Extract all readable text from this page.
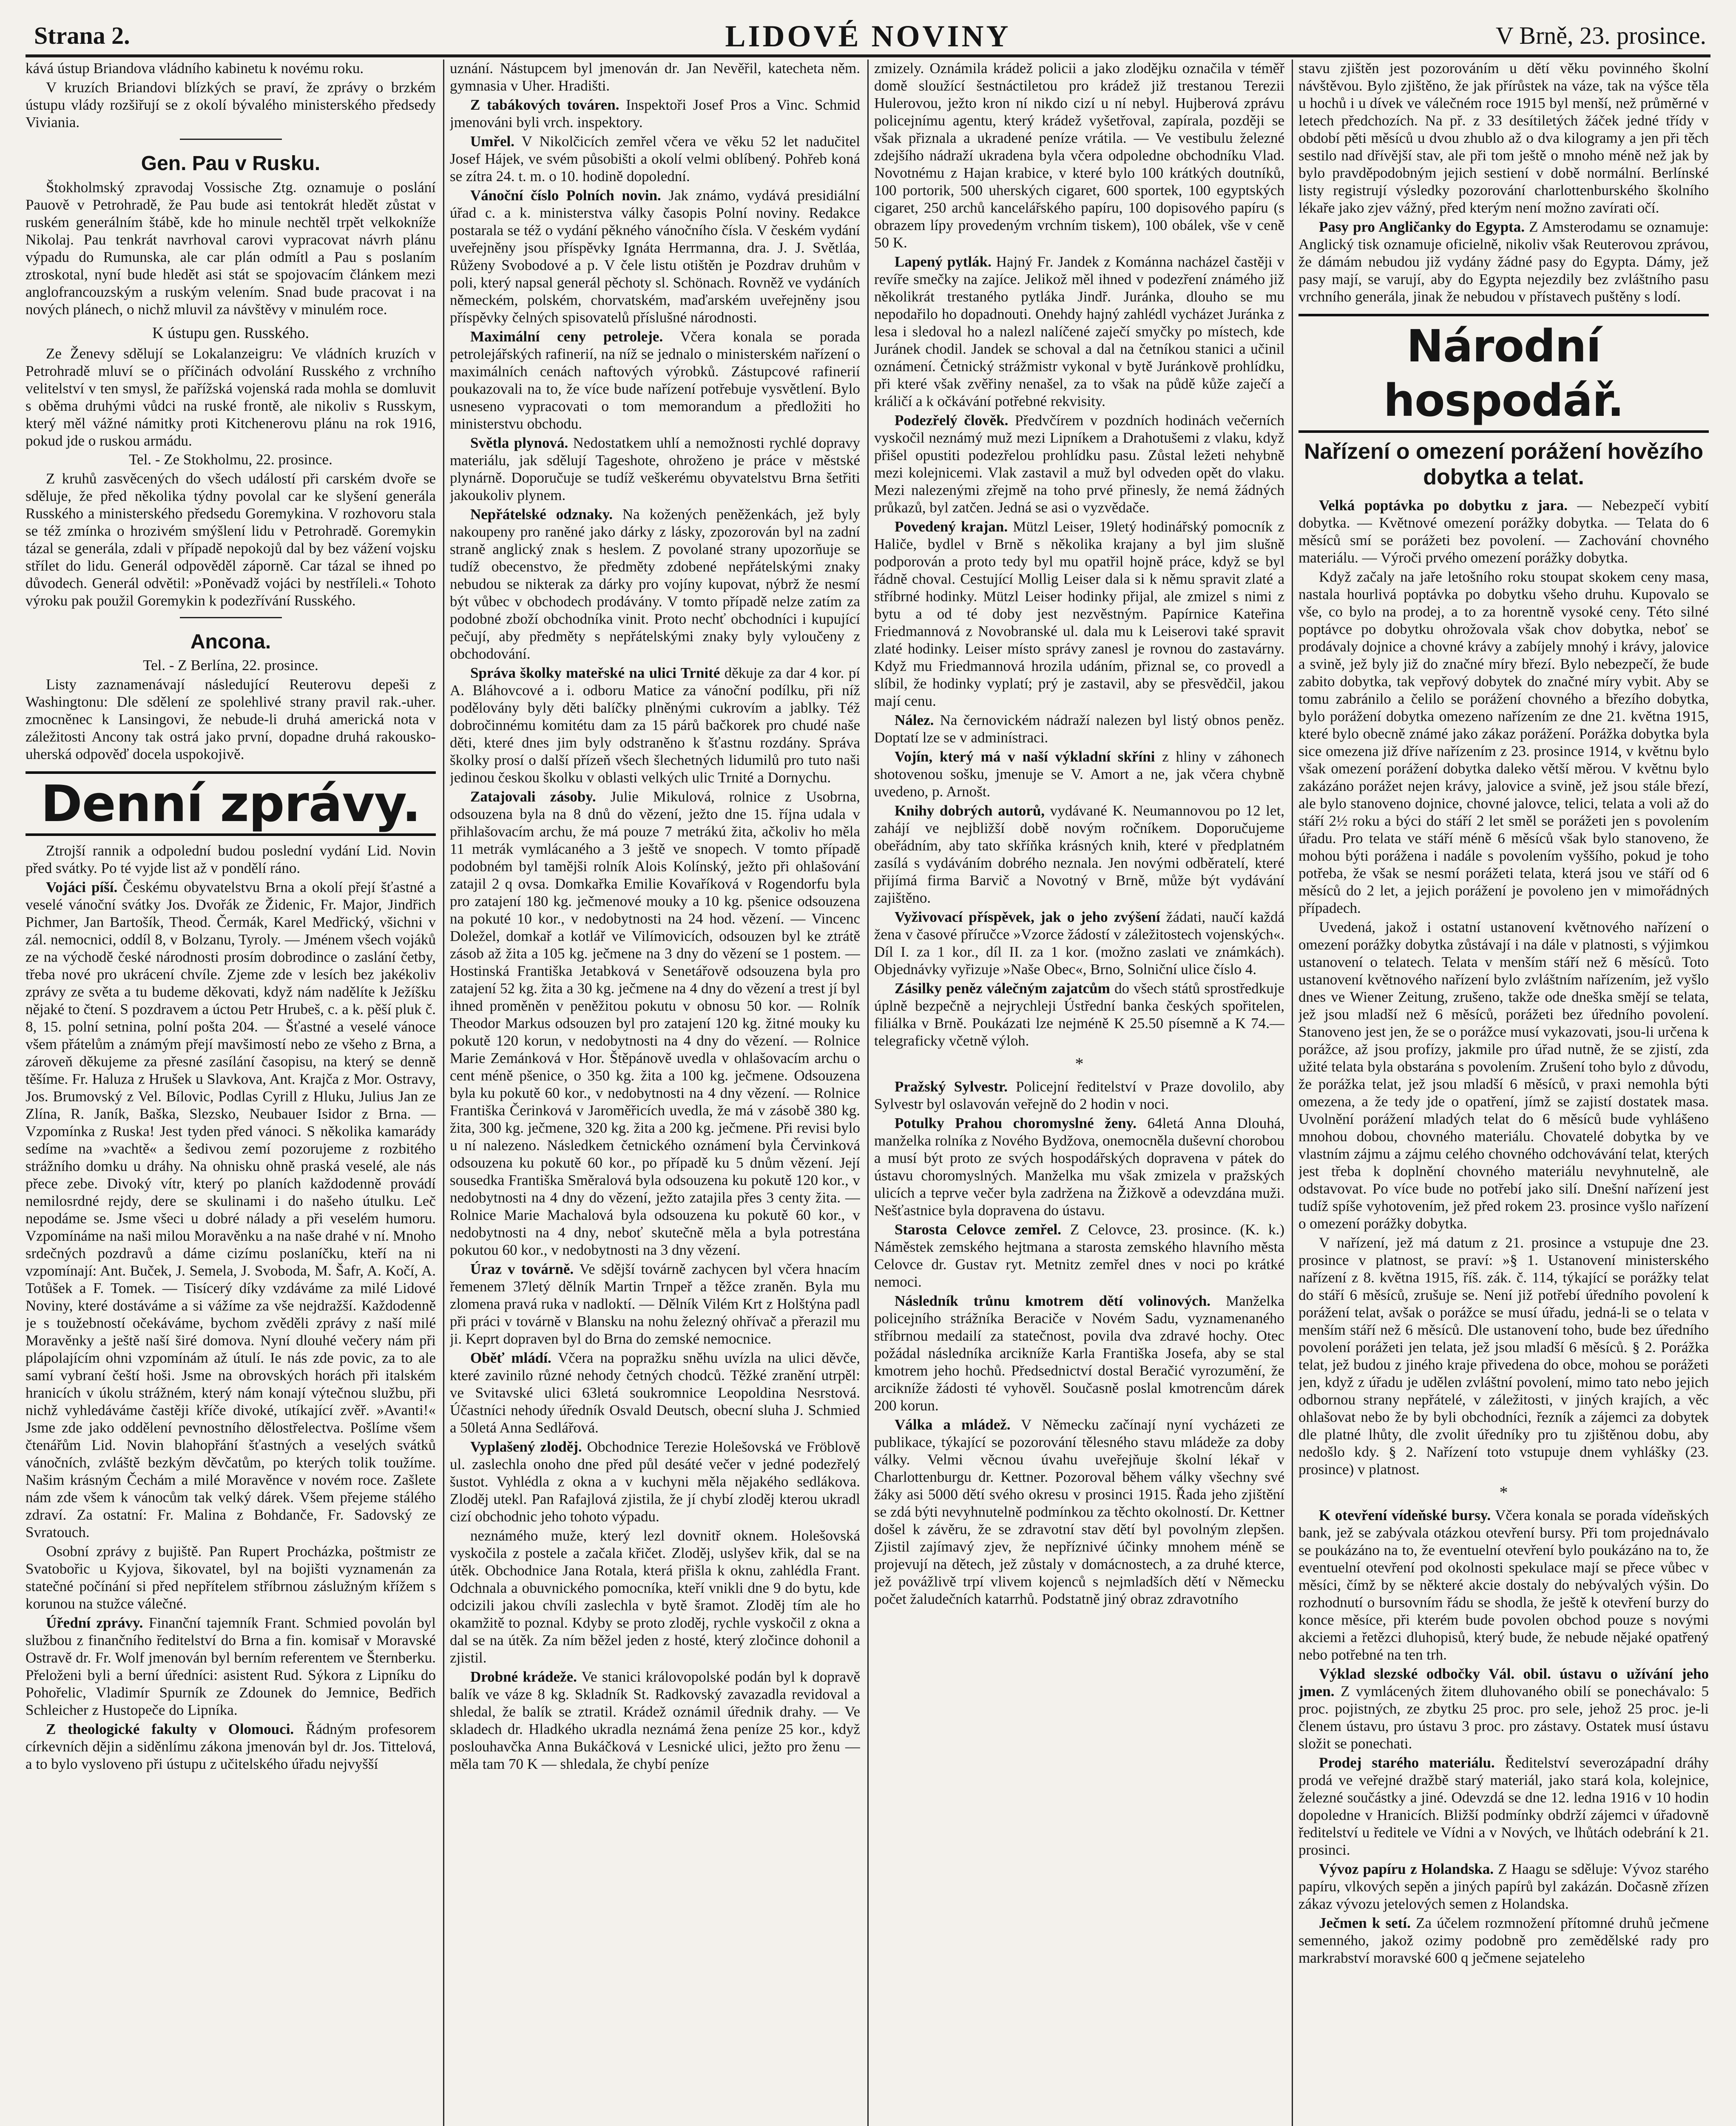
Strana 2.	LIDOVÉ NOVINY	V Brně, 23. prosince.

kává ústup Briandova vládního kabinetu k novému roku.

V kruzích Briandovi blízkých se praví, že zprávy o brzkém ústupu vlády rozšiřují se z okolí bývalého ministerského předsedy Viviania.

Gen. Pau v Rusku.

Štokholmský zpravodaj Vossische Ztg. oznamuje o poslání Pauově v Petrohradě, že Pau bude asi tentokrát hledět zůstat v ruském generálním štábě, kde ho minule nechtěl trpět velkokníže Nikolaj. Pau tenkrát navrhoval carovi vypracovat návrh plánu výpadu do Rumunska, ale car plán odmítl a Pau s poslaním ztroskotal, nyní bude hledět asi stát se spojovacím článkem mezi anglofrancouzským a ruským velením. Snad bude pracovat i na nových plánech, o nichž mluvil za návštěvy v minulém roce.

K ústupu gen. Rusského.

Ze Ženevy sdělují se Lokalanzeigru: Ve vládních kruzích v Petrohradě mluví se o příčinách odvolání Rusského z vrchního velitelství v ten smysl, že pařížská vojenská rada mohla se domluvit s oběma druhými vůdci na ruské frontě, ale nikoliv s Russkym, který měl vážné námitky proti Kitchenerovu plánu na rok 1916, pokud jde o ruskou armádu.

Tel. - Ze Stokholmu, 22. prosince.

Z kruhů zasvěcených do všech událostí při carském dvoře se sděluje, že před několika týdny povolal car ke slyšení generála Rusského a ministerského předsedu Goremykina. V rozhovoru stala se též zmínka o hrozivém smýšlení lidu v Petrohradě. Goremykin tázal se generála, zdali v případě nepokojů dal by bez vážení vojsku střílet do lidu. Generál odpověděl záporně. Car tázal se ihned po důvodech. Generál odvětil: »Poněvadž vojáci by nestříleli.« Tohoto výroku pak použil Goremykin k podezřívání Rusského.

Ancona.
Tel. - Z Berlína, 22. prosince.

Listy zaznamenávají následující Reuterovu depeši z Washingtonu: Dle sdělení ze spolehlivé strany pravil rak.-uher. zmocněnec k Lansingovi, že nebude-li druhá americká nota v záležitosti Ancony tak ostrá jako první, dopadne druhá rakousko-uherská odpověď docela uspokojivě.

Denní zprávy.

Ztrojší rannik a odpolední budou poslední vydání Lid. Novin před svátky. Po té vyjde list až v pondělí ráno.

Vojáci píší. Českému obyvatelstvu Brna a okolí přejí šťastné a veselé vánoční svátky Jos. Dvořák ze Židenic, Fr. Major, Jindřich Pichmer, Jan Bartošík, Theod. Čermák, Karel Medřický, všichni v zál. nemocnici, oddíl 8, v Bolzanu, Tyroly. — Jménem všech vojáků ze na východě české národnosti prosím dobrodince o zaslání četby, třeba nové pro ukrácení chvíle. Zjeme zde v lesích bez jakékoliv zprávy ze světa a tu budeme děkovati, když nám nadělíte k Ježíšku nějaké to čtení. S pozdravem a úctou Petr Hrubeš, c. a k. pěší pluk č. 8, 15. polní setnina, polní pošta 204. — Šťastné a veselé vánoce všem přátelům a známým přejí mavšimostí nebo ze všeho z Brna, a zároveň děkujeme za přesné zasílání časopisu, na který se denně těšíme. Fr. Haluza z Hrušek u Slavkova, Ant. Krajča z Mor. Ostravy, Jos. Brumovský z Vel. Bílovic, Podlas Cyrill z Hluku, Julius Jan ze Zlína, R. Janík, Baška, Slezsko, Neubauer Isidor z Brna. — Vzpomínka z Ruska! Jest tyden před vánoci. S několika kamarády sedíme na »vachtě« a šedivou zemí pozorujeme z rozbitého strážního domku u dráhy. Na ohnisku ohně praská veselé, ale nás přece zebe. Divoký vítr, který po planích každodenně provádí nemilosrdné rejdy, dere se skulinami i do našeho útulku. Leč nepodáme se. Jsme všeci u dobré nálady a při veselém humoru. Vzpomínáme na naši milou Moravěnku a na naše drahé v ní. Mnoho srdečných pozdravů a dáme cizímu poslaníčku, kteří na ni vzpomínají: Ant. Buček, J. Semela, J. Svoboda, M. Šafr, A. Kočí, A. Totůšek a F. Tomek. — Tisícerý díky vzdáváme za milé Lidové Noviny, které dostáváme a si vážíme za vše nejdražší. Každodenně je s toužebností očekáváme, bychom zvěděli zprávy z naší milé Moravěnky a ještě naší širé domova. Nyní dlouhé večery nám při plápolajícím ohni vzpomínám až útulí. Ie nás zde povic, za to ale samí vybraní čeští hoši. Jsme na obrovských horách při italském hranicích v úkolu strážném, který nám konají výtečnou službu, při nichž vyhledáváme častěji kříče divoké, utíkající zvěř. »Avanti!« Jsme zde jako oddělení pevnostního dělostřelectva. Pošlíme všem čtenářům Lid. Novin blahopřání šťastných a veselých svátků vánočních, zvláště bezkým děvčatům, po kterých tolik toužíme. Našim krásným Čechám a milé Moravěnce v novém roce. Zašlete nám zde všem k vánocům tak velký dárek. Všem přejeme stálého zdraví. Za ostatní: Fr. Malina z Bohdanče, Fr. Sadovský ze Svratouch.

Osobní zprávy z bujiště. Pan Rupert Procházka, poštmistr ze Svatobořic u Kyjova, šikovatel, byl na bojišti vyznamenán za statečné počínání si před nepřítelem stříbrnou záslužným křížem s korunou na stužce válečné.

Úřední zprávy. Finanční tajemník Frant. Schmied povolán byl službou z finančního ředitelství do Brna a fin. komisař v Moravské Ostravě dr. Fr. Wolf jmenován byl berním referentem ve Šternberku. Přeloženi byli a berní úředníci: asistent Rud. Sýkora z Lipníku do Pohořelic, Vladimír Spurník ze Zdounek do Jemnice, Bedřich Schleicher z Hustopeče do Lipníka.

Z theologické fakulty v Olomouci. Řádným profesorem církevních dějin a siděnlímu zákona jmenován byl dr. Jos. Tittelová, a to bylo vysloveno při ústupu z učitelského úřadu nejvyšší

uznání. Nástupcem byl jmenován dr. Jan Nevěřil, katecheta něm. gymnasia v Uher. Hradišti.

Z tabákových továren. Inspektoři Josef Pros a Vinc. Schmid jmenováni byli vrch. inspektory.

Umřel. V Nikolčicích zemřel včera ve věku 52 let nadučitel Josef Hájek, ve svém působišti a okolí velmi oblíbený. Pohřeb koná se zítra 24. t. m. o 10. hodině dopolední.

Vánoční číslo Polních novin. Jak známo, vydává presidiální úřad c. a k. ministerstva války časopis Polní noviny. Redakce postarala se též o vydání pěkného vánočního čísla. V českém vydání uveřejněny jsou příspěvky Ignáta Herrmanna, dra. J. J. Světláa, Růženy Svobodové a p. V čele listu otištěn je Pozdrav druhům v poli, který napsal generál pěchoty sl. Schönach. Rovněž ve vydáních německém, polském, chorvatském, maďarském uveřejněny jsou příspěvky čelných spisovatelů příslušné národnosti.

Maximální ceny petroleje. Včera konala se porada petrolejářských rafinerií, na níž se jednalo o ministerském nařízení o maximálních cenách naftových výrobků. Zástupcové rafinerií poukazovali na to, že více bude nařízení potřebuje vysvětlení. Bylo usneseno vypracovati o tom memorandum a předložiti ho ministerstvu obchodu.

Světla plynová. Nedostatkem uhlí a nemožnosti rychlé dopravy materiálu, jak sdělují Tageshote, ohroženo je práce v městské plynárně. Doporučuje se tudíž veškerému obyvatelstvu Brna šetřiti jakoukoliv plynem.

Nepřátelské odznaky. Na kožených peněženkách, jež byly nakoupeny pro raněné jako dárky z lásky, zpozorován byl na zadní straně anglický znak s heslem. Z povolané strany upozorňuje se tudíž obecenstvo, že předměty zdobené nepřátelskými znaky nebudou se nikterak za dárky pro vojíny kupovat, nýbrž že nesmí být vůbec v obchodech prodávány. V tomto případě nelze zatím za podobné zboží obchodníka vinit. Proto nechť obchodníci i kupující pečují, aby předměty s nepřátelskými znaky byly vyloučeny z obchodování.

Správa školky mateřské na ulici Trnité děkuje za dar 4 kor. pí A. Bláhovcové a i. odboru Matice za vánoční podílku, při níž podělovány byly děti balíčky plněnými cukrovím a jablky. Též dobročinnému komitétu dam za 15 párů bačkorek pro chudé naše děti, které dnes jim byly odstraněno k šťastnu rozdány. Správa školky prosí o další přízeň všech šlechetných lidumilů pro tuto naši jedinou českou školku v oblasti velkých ulic Trnité a Dornychu.

Zatajovali zásoby. Julie Mikulová, rolnice z Usobrna, odsouzena byla na 8 dnů do vězení, ježto dne 15. října udala v přihlašovacím archu, že má pouze 7 metrákú žita, ačkoliv ho měla 11 metrák vymlácaného a 3 ještě ve snopech. V tomto případě podobném byl tamějši rolník Alois Kolínský, ježto při ohlašování zatajil 2 q ovsa. Domkařka Emilie Kovaříková v Rogendorfu byla pro zatajení 180 kg. ječmenové mouky a 10 kg. pšenice odsouzena na pokuté 10 kor., v nedobytnosti na 24 hod. vězení. — Vincenc Doležel, domkař a kotlář ve Vilímovicích, odsouzen byl ke ztrátě zásob až žita a 105 kg. ječmene na 3 dny do vězení se 1 postem. — Hostinská Františka Jetabková v Senetářově odsouzena byla pro zatajení 52 kg. žita a 30 kg. ječmene na 4 dny do vězení a trest jí byl ihned proměněn v peněžitou pokutu v obnosu 50 kor. — Rolník Theodor Markus odsouzen byl pro zatajení 120 kg. žitné mouky ku pokutě 120 korun, v nedobytnosti na 4 dny do vězení. — Rolnice Marie Zemánková v Hor. Štěpánově uvedla v ohlašovacím archu o cent méně pšenice, o 350 kg. žita a 100 kg. ječmene. Odsouzena byla ku pokutě 60 kor., v nedobytnosti na 4 dny vězení. — Rolnice Františka Čerinková v Jaroměřicích uvedla, že má v zásobě 380 kg. žita, 300 kg. ječmene, 320 kg. žita a 200 kg. ječmene. Při revisi bylo u ní nalezeno. Následkem četnického oznámení byla Červinková odsouzena ku pokutě 60 kor., po případě ku 5 dnům vězení. Její sousedka Františka Směralová byla odsouzena ku pokutě 120 kor., v nedobytnosti na 4 dny do vězení, ježto zatajila přes 3 centy žita. — Rolnice Marie Machalová byla odsouzena ku pokutě 60 kor., v nedobytnosti na 4 dny, neboť skutečně měla a byla potrestána pokutou 60 kor., v nedobytnosti na 3 dny vězení.

Úraz v továrně. Ve sdější továrně zachycen byl včera hnacím řemenem 37letý dělník Martin Trnpeř a těžce zraněn. Byla mu zlomena pravá ruka v nadloktí. — Dělník Vilém Krt z Holštýna padl při práci v továrně v Blansku na nohu železný ohřívač a přerazil mu ji. Keprt dopraven byl do Brna do zemské nemocnice.

Oběť mládí. Včera na popražku sněhu uvízla na ulici děvče, které zavinilo různé nehody četných chodců. Těžké zranění utrpěl: ve Svitavské ulici 63letá soukromnice Leopoldina Nesrstová. Účastníci nehody úředník Osvald Deutsch, obecní sluha J. Schmied a 50letá Anna Sedlářová.

Vyplašený zloděj. Obchodnice Terezie Holešovská ve Fröblově ul. zaslechla onoho dne před půl desáté večer v jedné podezřelý šustot. Vyhlédla z okna a v kuchyni měla nějakého sedlákova. Zloděj utekl. Pan Rafajlová zjistila, že jí chybí zloděj kterou ukradl cizí obchodnic jeho tohoto výpadu.

neznámého muže, který lezl dovnitř oknem. Holešovská vyskočila z postele a začala křičet. Zloděj, uslyšev křik, dal se na útěk. Obchodnice Jana Rotala, která přišla k oknu, zahlédla Frant. Odchnala a obuvnického pomocníka, kteří vnikli dne 9 do bytu, kde odcizili jakou chvíli zaslechla v bytě šramot. Zloděj tím ale ho okamžitě to poznal. Kdyby se proto zloděj, rychle vyskočil z okna a dal se na útěk. Za ním běžel jeden z hosté, který zločince dohonil a zjistil.

Drobné krádeže. Ve stanici královopolské podán byl k dopravě balík ve váze 8 kg. Skladník St. Radkovský zavazadla revidoval a shledal, že balík se ztratil. Krádež oznámil úřednik drahy. — Ve skladech dr. Hladkého ukradla neznámá žena peníze 25 kor., když poslouhavčka Anna Bukáčková v Lesnické ulici, ježto pro ženu — měla tam 70 K — shledala, že chybí peníze

zmizely. Oznámila krádež policii a jako zlodějku označila v téměř domě sloužící šestnáctiletou pro krádež již trestanou Terezii Hulerovou, ježto kron ní nikdo cizí u ní nebyl. Hujberová zprávu policejnímu agentu, který krádež vyšetřoval, zapírala, později se však přiznala a ukradené peníze vrátila. — Ve vestibulu železné zdejšího nádraží ukradena byla včera odpoledne obchodníku Vlad. Novotnému z Hajan krabice, v které bylo 100 krátkých doutníků, 100 portorik, 500 uherských cigaret, 600 sportek, 100 egyptských cigaret, 250 archů kancelářského papíru, 100 dopisového papíru (s obrazem lípy provedeným vrchním tiskem), 100 obálek, vše v ceně 50 K.

Lapený pytlák. Hajný Fr. Jandek z Kománna nacházel častěji v revíře smečky na zajíce. Jelikož měl ihned v podezření známého již několikrát trestaného pytláka Jindř. Juránka, dlouho se mu nepodařilo ho dopadnouti. Onehdy hajný zahlédl vycházet Juránka z lesa i sledoval ho a nalezl nalíčené zaječí smyčky po místech, kde Juránek chodil. Jandek se schoval a dal na četníkou stanici a učinil oznámení. Četnický strážmistr vykonal v bytě Juránkově prohlídku, při které však zvěřiny nenašel, za to však na půdě kůže zaječí a králičí a k očkávání potřebné rekvisity.

Podezřelý člověk. Předvčírem v pozdních hodinách večerních vyskočil neznámý muž mezi Lipníkem a Drahotušemi z vlaku, když přišel opustiti podezřelou prohlídku pasu. Zůstal ležeti nehybně mezi kolejnicemi. Vlak zastavil a muž byl odveden opět do vlaku. Mezi nalezenými zřejmě na toho prvé přinesly, že nemá žádných průkazů, byl zatčen. Jedná se asi o vyzvědače.

Povedený krajan. Mützl Leiser, 19letý hodinářský pomocník z Haliče, bydlel v Brně s několika krajany a byl jim slušně podporován a proto tedy byl mu opatřil hojně práce, když se byl řádně choval. Cestující Mollig Leiser dala si k němu spravit zlaté a stříbrné hodinky. Mützl Leiser hodinky přijal, ale zmizel s nimi z bytu a od té doby jest nezvěstným. Papírnice Kateřina Friedmannová z Novobranské ul. dala mu k Leiserovi také spravit zlaté hodinky. Leiser místo správy zanesl je rovnou do zastavárny. Když mu Friedmannová hrozila udáním, přiznal se, co provedl a slíbil, že hodinky vyplatí; prý je zastavil, aby se přesvědčil, jakou mají cenu.

Nález. Na černovickém nádraží nalezen byl listý obnos peněz. Doptatí lze se v adminístraci.

Vojín, který má v naší výkladní skříni z hliny v záhonech shotovenou sošku, jmenuje se V. Amort a ne, jak včera chybně uvedeno, p. Arnošt.

Knihy dobrých autorů, vydávané K. Neumannovou po 12 let, zahájí ve nejbližší době novým ročníkem. Doporučujeme obeřádním, aby tato skříňka krásných knih, které v předplatném zasílá s vydáváním dobrého neznala. Jen novými odběratelí, které přijímá firma Barvič a Novotný v Brně, může být vydávání zajištěno.

Vyživovací příspěvek, jak o jeho zvýšení žádati, naučí každá žena v časové příručce »Vzorce žádostí v záležitostech vojenských«. Díl I. za 1 kor., díl II. za 1 kor. (možno zaslati ve známkách). Objednávky vyřizuje »Naše Obec«, Brno, Solniční ulice číslo 4.

Zásilky peněz válečným zajatcům do všech států sprostředkuje úplně bezpečně a nejrychleji Ústřední banka českých spořitelen, filiálka v Brně. Poukázati lze nejméně K 25.50 písemně a K 74.— telegraficky včetně výloh.

*

Pražský Sylvestr. Policejní ředitelství v Praze dovolilo, aby Sylvestr byl oslavován veřejně do 2 hodin v noci.

Potulky Prahou choromyslné ženy. 64letá Anna Dlouhá, manželka rolníka z Nového Bydžova, onemocněla duševní chorobou a musí být proto ze svých hospodářských dopravena v pátek do ústavu choromyslných. Manželka mu však zmizela v pražských ulicích a teprve večer byla zadržena na Žižkově a odevzdána muži. Nešťastnice byla dopravena do ústavu.

Starosta Celovce zemřel. Z Celovce, 23. prosince. (K. k.) Náměstek zemského hejtmana a starosta zemského hlavního města Celovce dr. Gustav ryt. Metnitz zemřel dnes v noci po krátké nemoci.

Následník trůnu kmotrem dětí volinových. Manželka policejního strážníka Beraciče v Novém Sadu, vyznamenaného stříbrnou medailí za statečnost, povila dva zdravé hochy. Otec požádal následníka arcikníže Karla Františka Josefa, aby se stal kmotrem jeho hochů. Předsednictví dostal Beračić vyrozumění, že arcikníže žádosti té vyhověl. Současně poslal kmotrencům dárek 200 korun.

Válka a mládež. V Německu začínají nyní vycházeti ze publikace, týkající se pozorování tělesného stavu mládeže za doby války. Velmi věcnou úvahu uveřejňuje školní lékař v Charlottenburgu dr. Kettner. Pozoroval během války všechny své žáky asi 5000 dětí svého okresu v prosinci 1915. Řada jeho zjištění se zdá býti nevyhnutelně podmínkou za těchto okolností. Dr. Kettner došel k závěru, že se zdravotní stav dětí byl povolným zlepšen. Zjistil zajímavý zjev, že nepříznivé účinky mnohem méně se projevují na dětech, jež zůstaly v domácnostech, a za druhé kterce, jež povážlivě trpí vlivem kojenců s nejmladších dětí v Německu počet žaludečních katarrhů. Podstatně jiný obraz zdravotního

stavu zjištěn jest pozorováním u dětí věku povinného školní návštěvou. Bylo zjištěno, že jak přírůstek na váze, tak na výšce těla u hochů i u dívek ve válečném roce 1915 byl menší, než průměrné v letech předchozích. Na př. z 33 desítiletých žáček jedné třídy v období pěti měsíců u dvou zhublo až o dva kilogramy a jen při těch sestilo nad dřívější stav, ale při tom ještě o mnoho méně než jak by bylo pravděpodobným jejich sestiení v době normální. Berlínské listy registrují výsledky pozorování charlottenburského školního lékaře jako zjev vážný, před kterým není možno zavírati očí.

Pasy pro Angličanky do Egypta. Z Amsterodamu se oznamuje: Anglický tisk oznamuje oficielně, nikoliv však Reuterovou zprávou, že dámám nebudou již vydány žádné pasy do Egypta. Dámy, jež pasy mají, se varují, aby do Egypta nejezdily bez zvláštního pasu vrchního generála, jinak že nebudou v přístavech puštěny s lodí.

Národní hospodář.
Nařízení o omezení porážení hovězího dobytka a telat.

Velká poptávka po dobytku z jara. — Nebezpečí vybití dobytka. — Květnové omezení porážky dobytka. — Telata do 6 měsíců smí se porážeti bez povolení. — Zachování chovného materiálu. — Výroči prvého omezení porážky dobytka.

Když začaly na jaře letošního roku stoupat skokem ceny masa, nastala hourlivá poptávka po dobytku všeho druhu. Kupovalo se vše, co bylo na prodej, a to za horentně vysoké ceny. Této silné poptávce po dobytku ohrožovala však chov dobytka, neboť se prodávaly dojnice a chovné krávy a zabíjely mnohý i krávy, jalovice a svině, jež byly již do značné míry březí. Bylo nebezpečí, že bude zabito dobytka, tak vepřový dobytek do značné míry vybit. Aby se tomu zabránilo a čelilo se porážení chovného a březího dobytka, bylo porážení dobytka omezeno nařízením ze dne 21. května 1915, které bylo obecně známé jako zákaz porážení. Porážka dobytka byla sice omezena již dříve nařízením z 23. prosince 1914, v květnu bylo však omezení porážení dobytka daleko větší měrou. V květnu bylo zakázáno porážet nejen krávy, jalovice a svině, jež jsou stále březí, ale bylo stanoveno dojnice, chovné jalovce, telici, telata a voli až do stáří 2½ roku a býci do stáří 2 let směl se porážeti jen s povolením úřadu. Pro telata ve stáří méně 6 měsíců však bylo stanoveno, že mohou býti porážena i nadále s povolením vyššího, pokud je toho potřeba, že však se nesmí porážeti telata, která jsou ve stáří od 6 měsíců do 2 let, a jejich porážení je povoleno jen v mimořádných případech.

Uvedená, jakož i ostatní ustanovení květnového nařízení o omezení porážky dobytka zůstávají i na dále v platnosti, s výjimkou ustanovení o telatech. Telata v menším stáří než 6 měsíců. Toto ustanovení květnového nařízení bylo zvláštním nařízením, jež vyšlo dnes ve Wiener Zeitung, zrušeno, takže ode dneška smějí se telata, jež jsou mladší než 6 měsíců, porážeti bez úředního povolení. Stanoveno jest jen, že se o porážce musí vykazovati, jsou-li určena k porážce, až jsou profízy, jakmile pro úřad nutně, že se zjistí, zda užité telata byla obstarána s povolením. Zrušení toho bylo z důvodu, že porážka telat, jež jsou mladší 6 měsíců, v praxi nemohla býti omezena, a že tedy jde o opatření, jímž se zajistí dostatek masa. Uvolnění porážení mladých telat do 6 měsíců bude vyhlášeno mnohou dobou, chovného materiálu. Chovatelé dobytka by ve vlastním zájmu a zájmu celého chovného odchovávání telat, kterých jest třeba k doplnění chovného materiálu nevyhnutelně, ale odstavovat. Po více bude no potřebí jako silí. Dnešní nařízení jest tudíž spíše vyhotovením, jež před rokem 23. prosince vyšlo nařízení o omezení porážky dobytka.

V nařízení, jež má datum z 21. prosince a vstupuje dne 23. prosince v platnost, se praví: »§ 1. Ustanovení ministerského nařízení z 8. května 1915, říš. zák. č. 114, týkající se porážky telat do stáří 6 měsíců, zrušuje se. Není již potřebí úředního povolení k porážení telat, avšak o porážce se musí úřadu, jedná-li se o telata v menším stáří než 6 měsíců. Dle ustanovení toho, bude bez úředního povolení porážeti jen telata, jež jsou mladší 6 měsíců. § 2. Porážka telat, jež budou z jiného kraje přivedena do obce, mohou se porážeti jen, když z úřadu je udělen zvláštní povolení, mimo tato nebo jejich odbornou strany nepřátelé, v záležitosti, v jiných krajích, a věc ohlašovat nebo že by byli obchodníci, řezník a zájemci za dobytek dle platné lhůty, dle zvolit úředníky pro tu zjištěnou dobu, aby nedošlo kdy. § 2. Nařízení toto vstupuje dnem vyhlášky (23. prosince) v platnost.

*

K otevření vídeňské bursy. Včera konala se porada vídeňských bank, jež se zabývala otázkou otevření bursy. Při tom projednávalo se poukázáno na to, že eventuelní otevření bylo poukázáno na to, že eventuelní otevření pod okolnosti spekulace mají se přece vůbec v měsíci, čímž by se některé akcie dostaly do nebývalých výšin. Do rozhodnutí o bursovním řádu se shodla, že ještě k otevření burzy do konce měsíce, při kterém bude povolen obchod pouze s novými akciemi a řetězci dluhopisů, který bude, že nebude nějaké opatřený nebo potřebné na ten trh.

Výklad slezské odbočky Vál. obil. ústavu o užívání jeho jmen. Z vymlácených žitem dluhovaného obilí se ponechávalo: 5 proc. pojistných, ze zbytku 25 proc. pro sele, jehož 25 proc. je-li členem ústavu, pro ústavu 3 proc. pro zástavy. Ostatek musí ústavu složit se ponechati.

Prodej starého materiálu. Ředitelství severozápadní dráhy prodá ve veřejné dražbě starý materiál, jako stará kola, kolejnice, železné součástky a jiné. Odevzdá se dne 12. ledna 1916 v 10 hodin dopoledne v Hranicích. Bližší podmínky obdrží zájemci v úřadovně ředitelství u ředitele ve Vídni a v Nových, ve lhůtách odebrání k 21. prosinci.

Vývoz papíru z Holandska. Z Haagu se sděluje: Vývoz starého papíru, vlkových sepěn a jiných papírů byl zakázán. Dočasně zřízen zákaz vývozu jetelových semen z Holandska.

Ječmen k setí. Za účelem rozmnožení přítomné druhů ječmene semenného, jakož ozimy podobně pro zemědělské rady pro markrabství moravské 600 q ječmene sejateleho
